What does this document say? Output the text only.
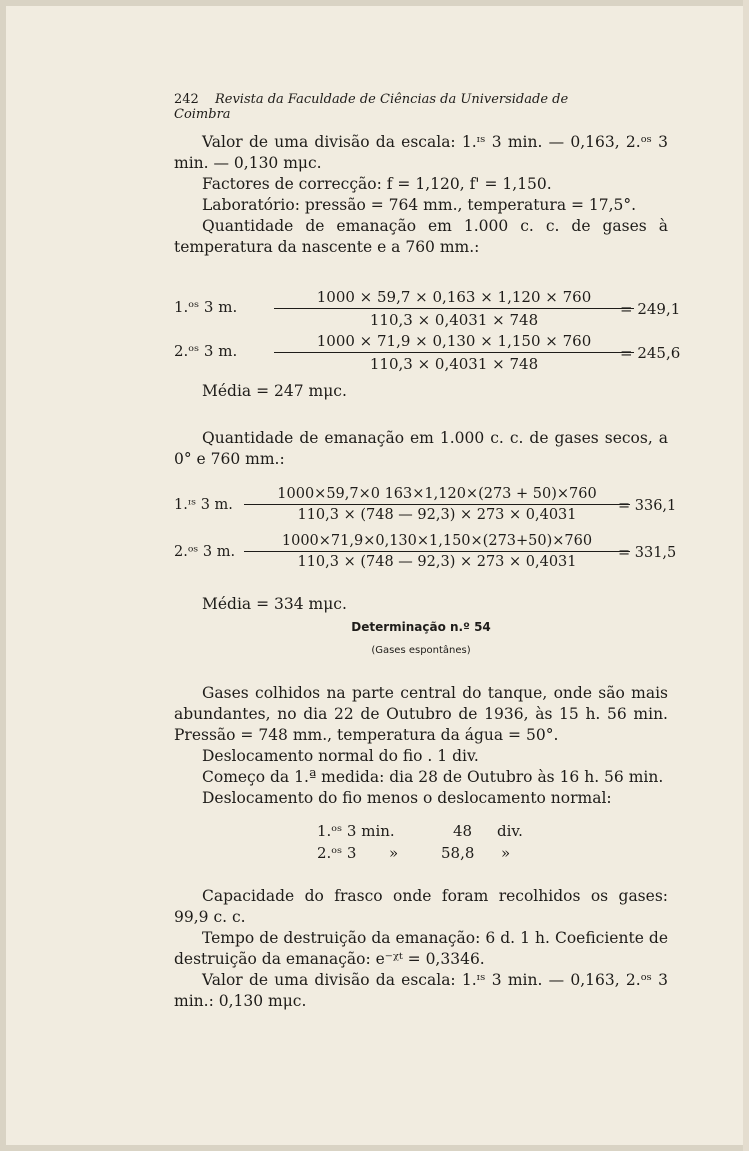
242 Revista da Faculdade de Ciências da Universidade de Coimbra

Valor de uma divisão da escala: 1.ᶦˢ 3 min. — 0,163, 2.ᵒˢ 3 min. — 0,130 mμc.

Factores de correcção: f = 1,120, f' = 1,150.

Laboratório: pressão = 764 mm., temperatura = 17,5°.

Quantidade de emanação em 1.000 c. c. de gases à temperatura da nascente e a 760 mm.:

1.ᵒˢ 3 m. $\frac{1000 \times 59,7 \times 0,163 \times 1,120 \times 760}{110,3 \times 0,4031 \times 748}$
= 249,1
2.ᵒˢ 3 m. $\frac{1000 \times 71,9 \times 0,130 \times 1,150 \times 760}{110,3 \times 0,4031 \times 748}$
= 245,6

Média = 247 mμc.

Quantidade de emanação em 1.000 c. c. de gases secos, a 0° e 760 mm.:

1.ᶦˢ 3 m. $\frac{1000\times 59,7\times 0 163\times 1,120\times(273 + 50)\times 760}{110,3 \times (748 — 92,3) \times 273 \times 0,4031}$
= 336,1
2.ᵒˢ 3 m. $\frac{1000\times 71,9\times 0,130\times 1,150\times(273+50)\times 760}{110,3 \times (748 — 92,3) \times 273 \times 0,4031}$
= 331,5

Média = 334 mμc.

Determinação n.º 54
(Gases espontânes)

Gases colhidos na parte central do tanque, onde são mais abundantes, no dia 22 de Outubro de 1936, às 15 h. 56 min. Pressão = 748 mm., temperatura da água = 50°.

Deslocamento normal do fio . 1 div.

Começo da 1.ª medida: dia 28 de Outubro às 16 h. 56 min.

Deslocamento do fio menos o deslocamento normal:

1.ᵒˢ 3 min.	48 div.
2.ᵒˢ 3 »	58,8 »

Capacidade do frasco onde foram recolhidos os gases: 99,9 c. c.

Tempo de destruição da emanação: 6 d. 1 h. Coeficiente de destruição da emanação: e⁻ᵡᵗ = 0,3346.

Valor de uma divisão da escala: 1.ᶦˢ 3 min. — 0,163, 2.ᵒˢ 3 min.: 0,130 mμc.
